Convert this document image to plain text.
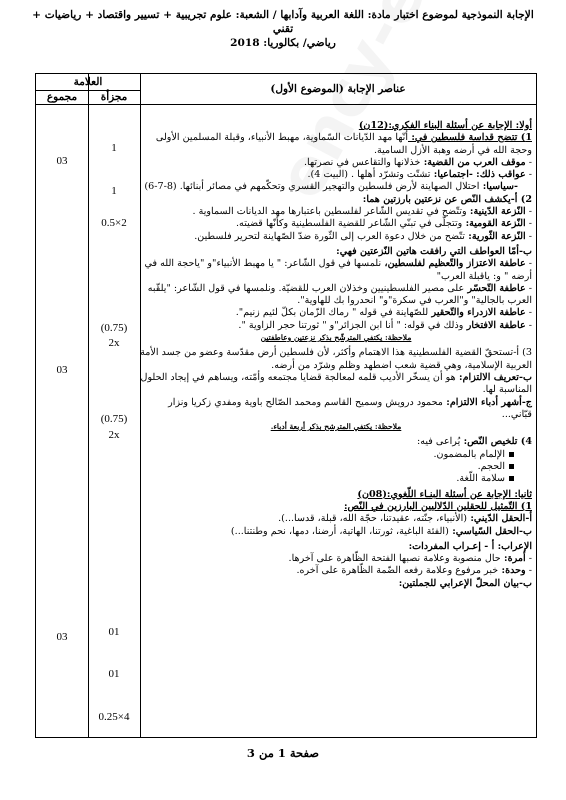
الإجابة النموذجية لموضوع اختبار مادة: اللغة العربية وآدابها / الشعبة: علوم تجريبية + تسيير واقتصاد + رياضيات + تقني
رياضي/ بكالوريا: 2018
العلامة
مجزأة
مجموع
عناصر الإجابة (الموضوع الأول)
1
1
2×0.5
(0.75)
2x
(0.75)
2x
01
01
4×0.25
03
03
03

أولا: الإجابة عن أسئلة البناء الفكري:(12ن)

1) تتضح قداسة فلسطين في: أنّها مهد الدّيانات السّماوية، مهبط الأنبياء، وقبلة المسلمين الأولى وحجة الله في أرضه وهبة الأزل السامية.

- موقف العرب من القضية: خذلانها والتقاعس في نصرتها.

- عواقب ذلك: -اجتماعيا: تشتّت وتشرّد أهلها . (البيت 4).

-سياسيا: احتلال الصهاينة لأرض فلسطين والتهجير القسري وتحكّمهم في مصائر أبنائها. (8-7-6)

2) أ-يكشف النّص عن نزعتين بارزتين هما:

- النّزعة الدّينية: وتتّضح في تقديس الشّاعر لفلسطين باعتبارها مهد الديانات السماوية .

- النّزعة القومية: وتتجلّى في تبنّي الشّاعر للقضية الفلسطينية وكأنّها قضيته.

- النّزعة الثّورية: تتّضح من خلال دعوة العرب إلى الثّورة ضدّ الصّهاينة لتحرير فلسطين.

ب-أمّا العواطف التي رافقت هاتين النّزعتين فهي:

- عاطفة الاعتزاز والتّعظيم لفلسطين، نلمسها في قول الشّاعر: " يا مهبط الأنبياء"و "ياحجة الله في أرضه " و: ياقبلة العرب"

- عاطفة التّحسّر على مصير الفلسطينيين وخذلان العرب للقضيّة. ونلمسها في قول الشّاعر: "يلقّبه العرب بالجالية" و"العرب في سكرة"و" انحدروا بك للهاوية".

- عاطفة الازدراء والتّحقير للصّهاينة في قوله " رماك الزّمان بكلّ لئيم زنيم".

- عاطفة الافتخار وذلك في قوله: " أنا ابن الجزائر"و " ثورتنا حجر الزاوية ".

ملاحظة: يكتفي المترشّح بذكر نزعتين وعاطفتين

3) أ-تستحقّ القضية الفلسطينية هذا الاهتمام وأكثر، لأن فلسطين أرض مقدّسة وعضو من جسد الأمة العربية الإسلامية، وهي قضية شعب اضطهد وظلم وشرّد من أرضه.

ب-تعريف الالتزام: هو أن يسخّر الأديب قلمه لمعالجة قضايا مجتمعه وأمّته، ويساهم في إيجاد الحلول المناسبة لها.

ج-أشهر أدباء الالتزام: محمود درويش وسميح القاسم ومحمد الصّالح باوية ومفدي زكريا ونزار قبّاني...

ملاحظة: يكتفي المترشح بذكر أربعة أدباء.

4) تلخيص النّص: يُراعى فيه:

الإلمام بالمضمون.

الحجم.

سلامة اللّغة.

ثانيا: الإجابة عن أسئلة البنـاء اللّغوي:(08ن)

1) التّمثيل للحقلين الدّلاليين البارزين في النّص:

أ-الحقل الدّيني: (الأنبياء، جنّته، عقيدتنا، حجّة الله، قبلة، قدسا...).

ب-الحقل السّياسي: (الفئة الباغية، ثورتنا، الهاتية، أرضنا، دمها، نحم وطنتنا...)

الإعراب: أ - إعـراب المفردات:

- أمرة: حال منصوبة وعلامة نصبها الفتحة الظّاهرة على آخرها.

- وحدة: خبر مرفوع وعلامة رفعه الضّمة الظّاهرة على آخره.

ب-بيان المحلّ الإعرابي للجملتين:

صفحة 1 من 3
